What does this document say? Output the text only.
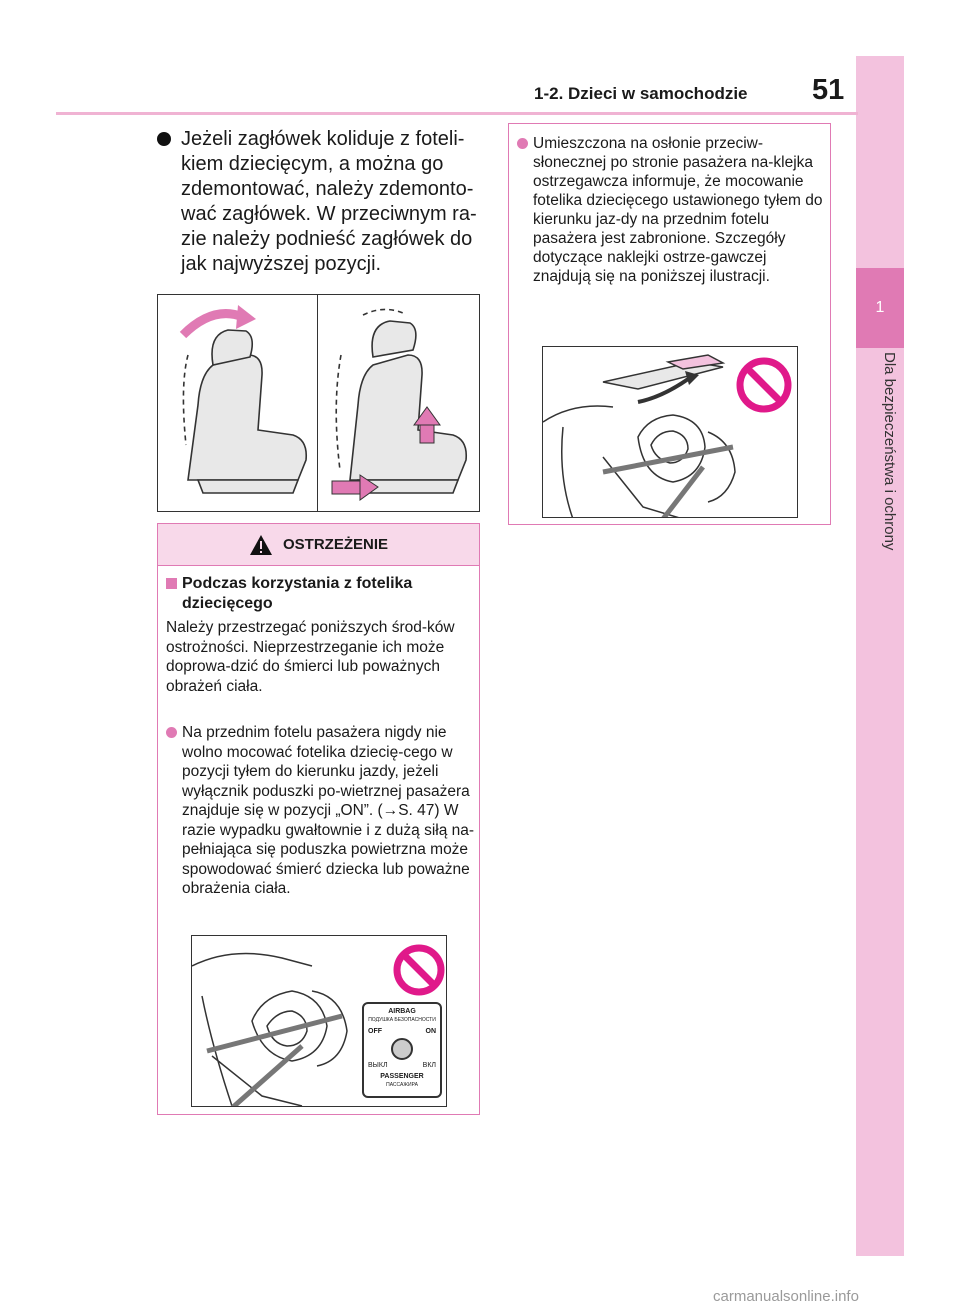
1
Dla bezpieczeństwa i ochrony
1-2. Dzieci w samochodzie 51
Jeżeli zagłówek koliduje z foteli-kiem dziecięcym, a można go zdemontować, należy zdemonto-wać zagłówek. W przeciwnym ra-zie należy podnieść zagłówek do jak najwyższej pozycji.
OSTRZEŻENIE
Podczas korzystania z fotelika dziecięcego
Należy przestrzegać poniższych środ-ków ostrożności. Nieprzestrzeganie ich może doprowa-dzić do śmierci lub poważnych obrażeń ciała.
Na przednim fotelu pasażera nigdy nie wolno mocować fotelika dziecię-cego w pozycji tyłem do kierunku jazdy, jeżeli wyłącznik poduszki po-wietrznej pasażera znajduje się w pozycji „ON”. (→S. 47) W razie wypadku gwałtownie i z dużą siłą na-pełniająca się poduszka powietrzna może spowodować śmierć dziecka lub poważne obrażenia ciała.
AIRBAG
ПОДУШКА БЕЗОПАСНОСТИ
OFF	ON
ВЫКЛ	ВКЛ
PASSENGER
ПАССАЖИРА
Umieszczona na osłonie przeciw-słonecznej po stronie pasażera na-klejka ostrzegawcza informuje, że mocowanie fotelika dziecięcego ustawionego tyłem do kierunku jaz-dy na przednim fotelu pasażera jest zabronione. Szczegóły dotyczące naklejki ostrze-gawczej znajdują się na poniższej ilustracji.
carmanualsonline.info
